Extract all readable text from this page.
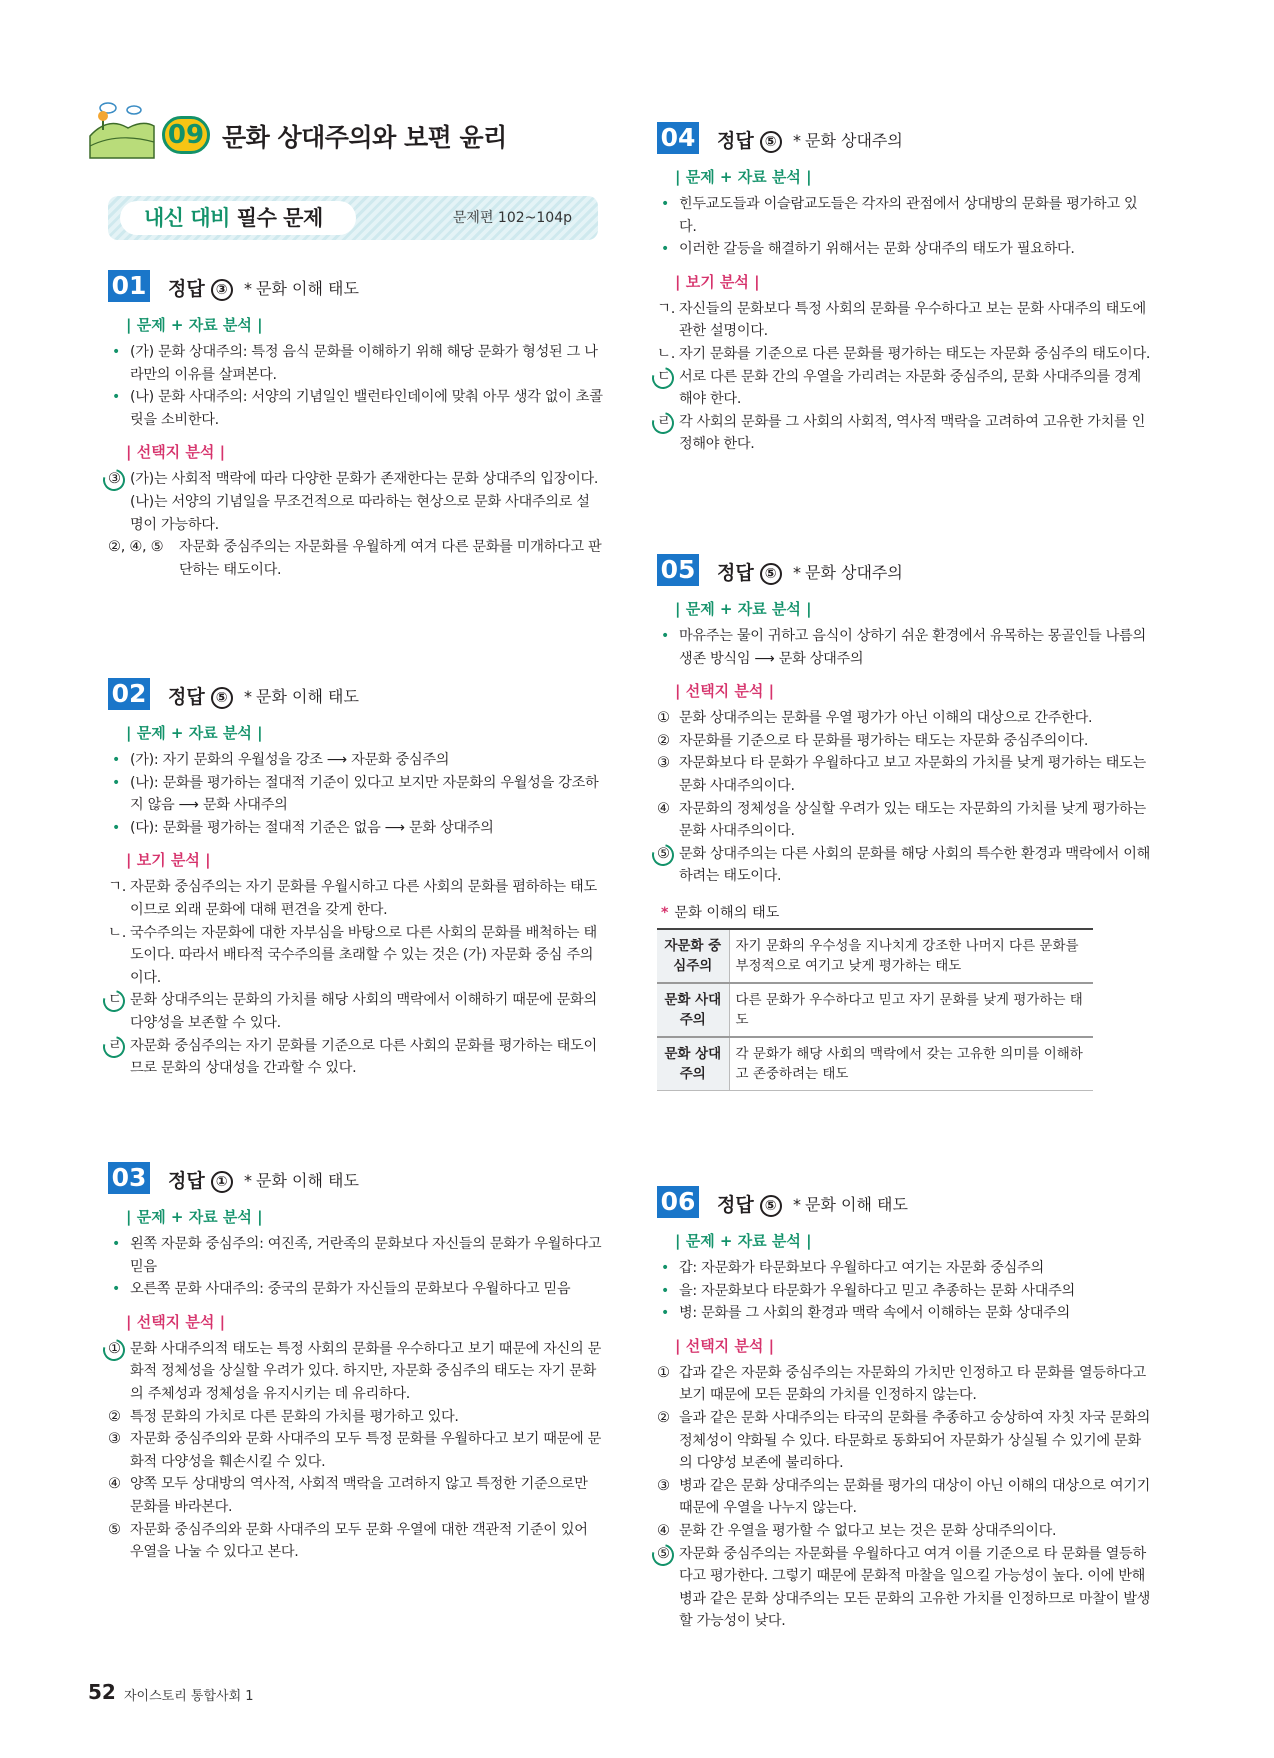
09 문화 상대주의와 보편 윤리
내신 대비 필수 문제	문제편 102~104p
01 정답 ③	* 문화 이해 태도
| 문제 + 자료 분석 |
• (가) 문화 상대주의: 특정 음식 문화를 이해하기 위해 해당 문화가 형성된 그 나라만의 이유를 살펴본다.
• (나) 문화 사대주의: 서양의 기념일인 밸런타인데이에 맞춰 아무 생각 없이 초콜릿을 소비한다.
| 선택지 분석 |
③ (가)는 사회적 맥락에 따라 다양한 문화가 존재한다는 문화 상대주의 입장이다.
(나)는 서양의 기념일을 무조건적으로 따라하는 현상으로 문화 사대주의로 설명이 가능하다.
②, ④, ⑤ 자문화 중심주의는 자문화를 우월하게 여겨 다른 문화를 미개하다고 판단하는 태도이다.
02 정답 ⑤	* 문화 이해 태도
| 문제 + 자료 분석 |
• (가): 자기 문화의 우월성을 강조 ⟶ 자문화 중심주의
• (나): 문화를 평가하는 절대적 기준이 있다고 보지만 자문화의 우월성을 강조하지 않음 ⟶ 문화 사대주의
• (다): 문화를 평가하는 절대적 기준은 없음 ⟶ 문화 상대주의
| 보기 분석 |
ㄱ. 자문화 중심주의는 자기 문화를 우월시하고 다른 사회의 문화를 폄하하는 태도이므로 외래 문화에 대해 편견을 갖게 한다.
ㄴ. 국수주의는 자문화에 대한 자부심을 바탕으로 다른 사회의 문화를 배척하는 태도이다. 따라서 배타적 국수주의를 초래할 수 있는 것은 (가) 자문화 중심 주의이다.
ㄷ 문화 상대주의는 문화의 가치를 해당 사회의 맥락에서 이해하기 때문에 문화의 다양성을 보존할 수 있다.
ㄹ 자문화 중심주의는 자기 문화를 기준으로 다른 사회의 문화를 평가하는 태도이므로 문화의 상대성을 간과할 수 있다.
03 정답 ①	* 문화 이해 태도
| 문제 + 자료 분석 |
• 왼쪽 자문화 중심주의: 여진족, 거란족의 문화보다 자신들의 문화가 우월하다고 믿음
• 오른쪽 문화 사대주의: 중국의 문화가 자신들의 문화보다 우월하다고 믿음
| 선택지 분석 |
① 문화 사대주의적 태도는 특정 사회의 문화를 우수하다고 보기 때문에 자신의 문화적 정체성을 상실할 우려가 있다. 하지만, 자문화 중심주의 태도는 자기 문화의 주체성과 정체성을 유지시키는 데 유리하다.
② 특정 문화의 가치로 다른 문화의 가치를 평가하고 있다.
③ 자문화 중심주의와 문화 사대주의 모두 특정 문화를 우월하다고 보기 때문에 문화적 다양성을 훼손시킬 수 있다.
④ 양쪽 모두 상대방의 역사적, 사회적 맥락을 고려하지 않고 특정한 기준으로만 문화를 바라본다.
⑤ 자문화 중심주의와 문화 사대주의 모두 문화 우열에 대한 객관적 기준이 있어 우열을 나눌 수 있다고 본다.
04 정답 ⑤	* 문화 상대주의
| 문제 + 자료 분석 |
• 힌두교도들과 이슬람교도들은 각자의 관점에서 상대방의 문화를 평가하고 있다.
• 이러한 갈등을 해결하기 위해서는 문화 상대주의 태도가 필요하다.
| 보기 분석 |
ㄱ. 자신들의 문화보다 특정 사회의 문화를 우수하다고 보는 문화 사대주의 태도에 관한 설명이다.
ㄴ. 자기 문화를 기준으로 다른 문화를 평가하는 태도는 자문화 중심주의 태도이다.
ㄷ 서로 다른 문화 간의 우열을 가리려는 자문화 중심주의, 문화 사대주의를 경계해야 한다.
ㄹ 각 사회의 문화를 그 사회의 사회적, 역사적 맥락을 고려하여 고유한 가치를 인정해야 한다.
05 정답 ⑤	* 문화 상대주의
| 문제 + 자료 분석 |
• 마유주는 물이 귀하고 음식이 상하기 쉬운 환경에서 유목하는 몽골인들 나름의 생존 방식임 ⟶ 문화 상대주의
| 선택지 분석 |
① 문화 상대주의는 문화를 우열 평가가 아닌 이해의 대상으로 간주한다.
② 자문화를 기준으로 타 문화를 평가하는 태도는 자문화 중심주의이다.
③ 자문화보다 타 문화가 우월하다고 보고 자문화의 가치를 낮게 평가하는 태도는 문화 사대주의이다.
④ 자문화의 정체성을 상실할 우려가 있는 태도는 자문화의 가치를 낮게 평가하는 문화 사대주의이다.
⑤ 문화 상대주의는 다른 사회의 문화를 해당 사회의 특수한 환경과 맥락에서 이해하려는 태도이다.
* 문화 이해의 태도
자문화 중심주의	자기 문화의 우수성을 지나치게 강조한 나머지 다른 문화를 부정적으로 여기고 낮게 평가하는 태도
문화 사대주의	다른 문화가 우수하다고 믿고 자기 문화를 낮게 평가하는 태도
문화 상대주의	각 문화가 해당 사회의 맥락에서 갖는 고유한 의미를 이해하고 존중하려는 태도
06 정답 ⑤	* 문화 이해 태도
| 문제 + 자료 분석 |
• 갑: 자문화가 타문화보다 우월하다고 여기는 자문화 중심주의
• 을: 자문화보다 타문화가 우월하다고 믿고 추종하는 문화 사대주의
• 병: 문화를 그 사회의 환경과 맥락 속에서 이해하는 문화 상대주의
| 선택지 분석 |
① 갑과 같은 자문화 중심주의는 자문화의 가치만 인정하고 타 문화를 열등하다고 보기 때문에 모든 문화의 가치를 인정하지 않는다.
② 을과 같은 문화 사대주의는 타국의 문화를 추종하고 숭상하여 자칫 자국 문화의 정체성이 약화될 수 있다. 타문화로 동화되어 자문화가 상실될 수 있기에 문화의 다양성 보존에 불리하다.
③ 병과 같은 문화 상대주의는 문화를 평가의 대상이 아닌 이해의 대상으로 여기기 때문에 우열을 나누지 않는다.
④ 문화 간 우열을 평가할 수 없다고 보는 것은 문화 상대주의이다.
⑤ 자문화 중심주의는 자문화를 우월하다고 여겨 이를 기준으로 타 문화를 열등하다고 평가한다. 그렇기 때문에 문화적 마찰을 일으킬 가능성이 높다. 이에 반해 병과 같은 문화 상대주의는 모든 문화의 고유한 가치를 인정하므로 마찰이 발생할 가능성이 낮다.
52 자이스토리 통합사회 1
